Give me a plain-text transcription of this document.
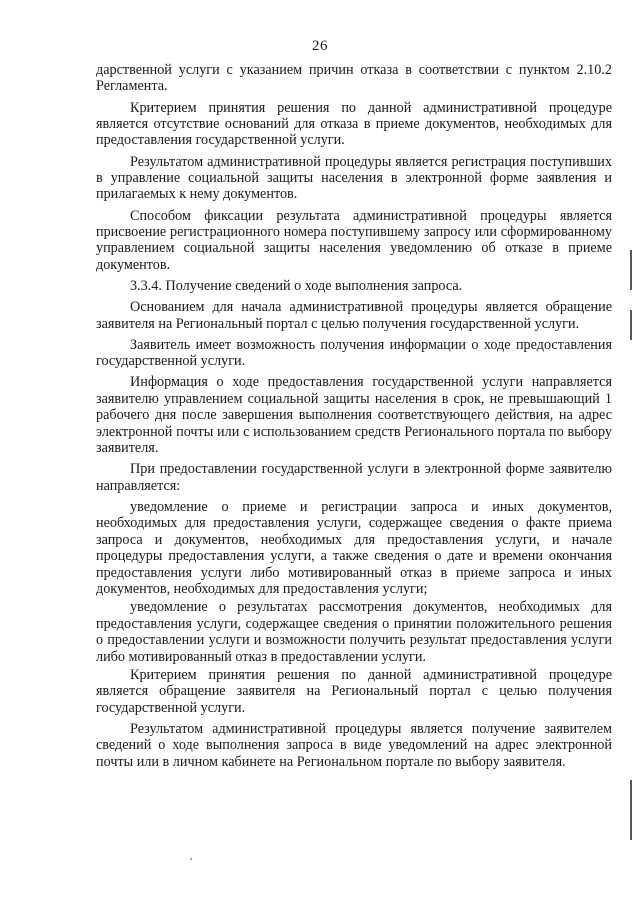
26

дарственной услуги с указанием причин отказа в соответствии с пунктом 2.10.2 Регламента.

Критерием принятия решения по данной административной процедуре является отсутствие оснований для отказа в приеме документов, необходимых для предоставления государственной услуги.

Результатом административной процедуры является регистрация поступивших в управление социальной защиты населения в электронной форме заявления и прилагаемых к нему документов.

Способом фиксации результата административной процедуры является присвоение регистрационного номера поступившему запросу или сформированному управлением социальной защиты населения уведомлению об отказе в приеме документов.

3.3.4. Получение сведений о ходе выполнения запроса.

Основанием для начала административной процедуры является обращение заявителя на Региональный портал с целью получения государственной услуги.

Заявитель имеет возможность получения информации о ходе предоставления государственной услуги.

Информация о ходе предоставления государственной услуги направляется заявителю управлением социальной защиты населения в срок, не превышающий 1 рабочего дня после завершения выполнения соответствующего действия, на адрес электронной почты или с использованием средств Регионального портала по выбору заявителя.

При предоставлении государственной услуги в электронной форме заявителю направляется:

уведомление о приеме и регистрации запроса и иных документов, необходимых для предоставления услуги, содержащее сведения о факте приема запроса и документов, необходимых для предоставления услуги, и начале процедуры предоставления услуги, а также сведения о дате и времени окончания предоставления услуги либо мотивированный отказ в приеме запроса и иных документов, необходимых для предоставления услуги;

уведомление о результатах рассмотрения документов, необходимых для предоставления услуги, содержащее сведения о принятии положительного решения о предоставлении услуги и возможности получить результат предоставления услуги либо мотивированный отказ в предоставлении услуги.

Критерием принятия решения по данной административной процедуре является обращение заявителя на Региональный портал с целью получения государственной услуги.

Результатом административной процедуры является получение заявителем сведений о ходе выполнения запроса в виде уведомлений на адрес электронной почты или в личном кабинете на Региональном портале по выбору заявителя.
